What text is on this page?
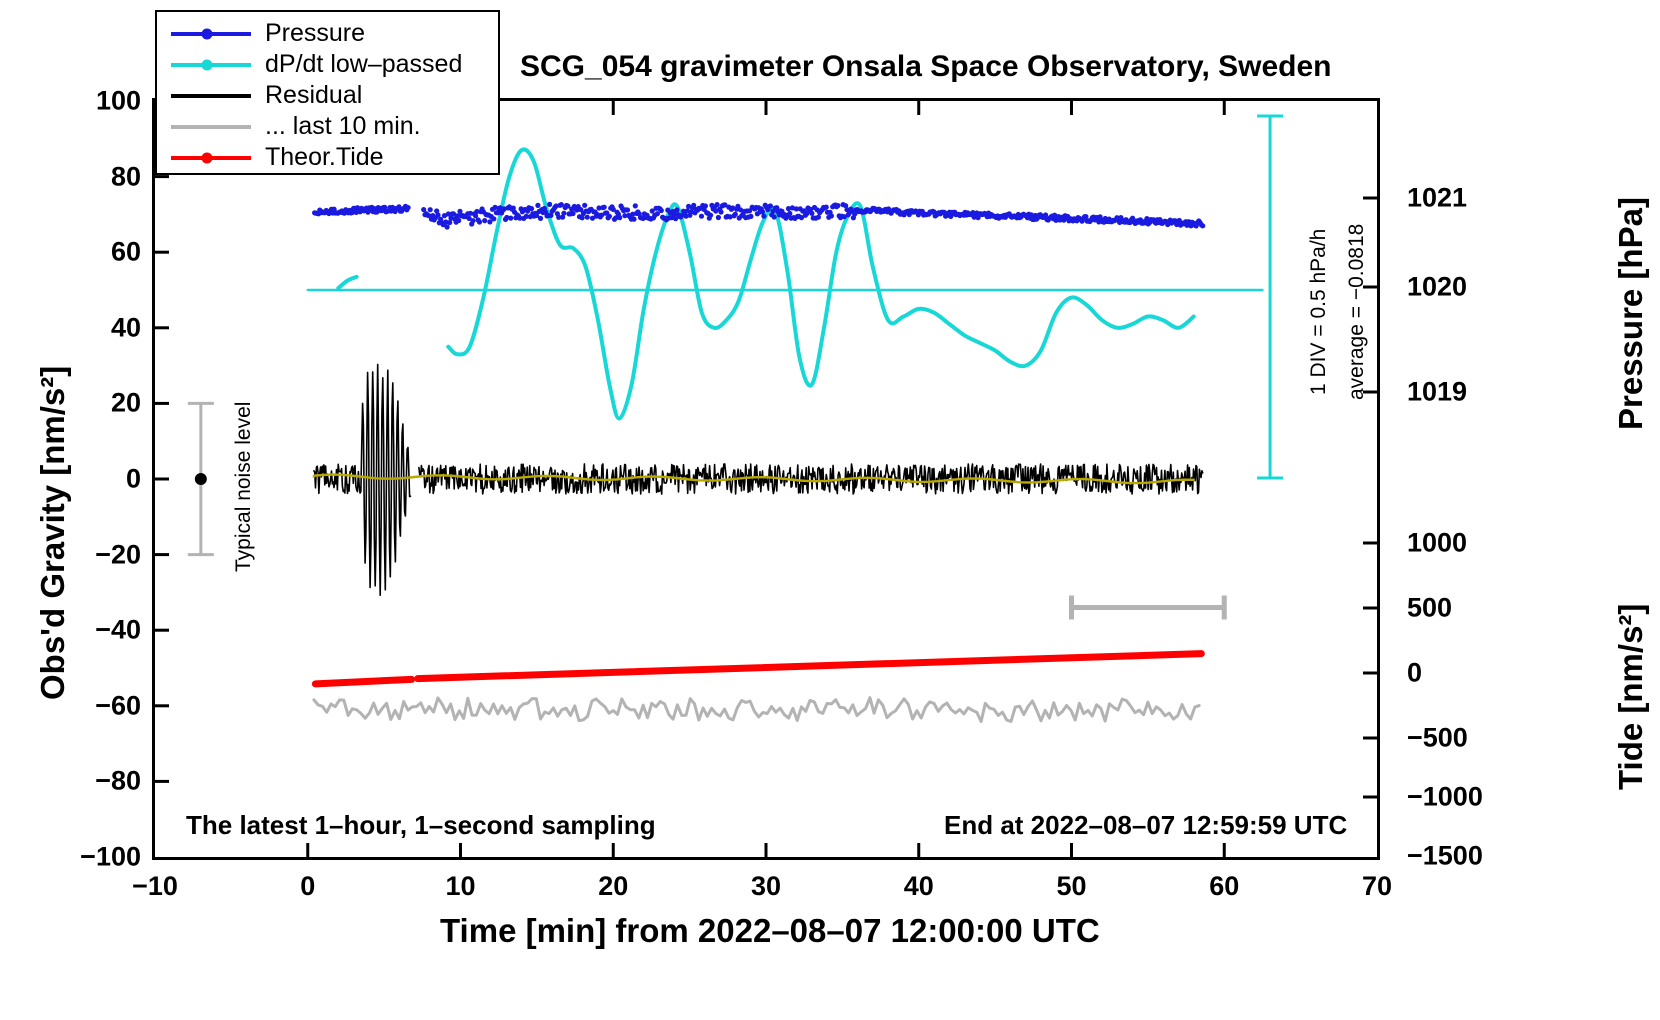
SCG_054 gravimeter Onsala Space Observatory, Sweden
100
80
60
40
20
0
−20
−40
−60
−80
−100
1021
1020
1019
1000
500
0
−500
−1000
−1500
−10	0	10	20	30	40	50	60	70
Obs'd Gravity [nm/s²]
Pressure [hPa]
Tide [nm/s²]
Time [min] from 2022–08–07 12:00:00 UTC
Typical noise level
1 DIV = 0.5 hPa/h average = −0.0818
The latest 1–hour, 1–second sampling	End at 2022–08–07 12:59:59 UTC
Pressure
dP/dt low–passed
Residual
... last 10 min.
Theor.Tide
